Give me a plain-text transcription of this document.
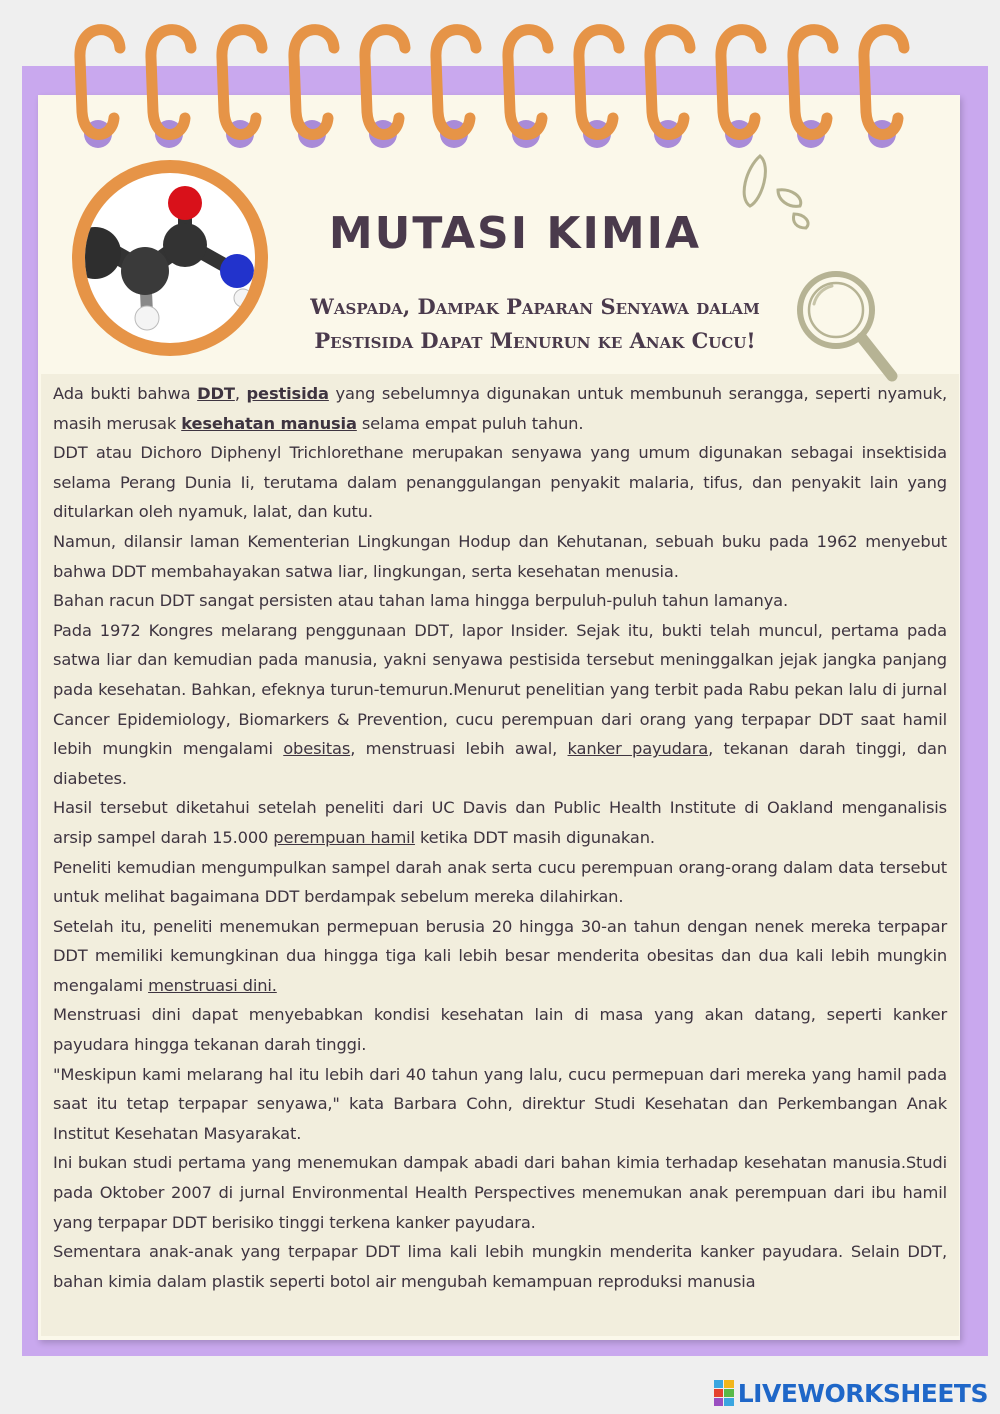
MUTASI KIMIA
Waspada, Dampak Paparan Senyawa dalam
Pestisida Dapat Menurun ke Anak Cucu!

Ada bukti bahwa DDT, pestisida yang sebelumnya digunakan untuk membunuh serangga, seperti nyamuk, masih merusak kesehatan manusia selama empat puluh tahun.

DDT atau Dichoro Diphenyl Trichlorethane merupakan senyawa yang umum digunakan sebagai insektisida selama Perang Dunia Ii, terutama dalam penanggulangan penyakit malaria, tifus, dan penyakit lain yang ditularkan oleh nyamuk, lalat, dan kutu.

Namun, dilansir laman Kementerian Lingkungan Hodup dan Kehutanan, sebuah buku pada 1962 menyebut bahwa DDT membahayakan satwa liar, lingkungan, serta kesehatan menusia.

Bahan racun DDT sangat persisten atau tahan lama hingga berpuluh-puluh tahun lamanya.

Pada 1972 Kongres melarang penggunaan DDT, lapor Insider. Sejak itu, bukti telah muncul, pertama pada satwa liar dan kemudian pada manusia, yakni senyawa pestisida tersebut meninggalkan jejak jangka panjang pada kesehatan. Bahkan, efeknya turun-temurun.Menurut penelitian yang terbit pada Rabu pekan lalu di jurnal Cancer Epidemiology, Biomarkers & Prevention, cucu perempuan dari orang yang terpapar DDT saat hamil lebih mungkin mengalami obesitas, menstruasi lebih awal, kanker payudara, tekanan darah tinggi, dan diabetes.

Hasil tersebut diketahui setelah peneliti dari UC Davis dan Public Health Institute di Oakland menganalisis arsip sampel darah 15.000 perempuan hamil ketika DDT masih digunakan.

Peneliti kemudian mengumpulkan sampel darah anak serta cucu perempuan orang-orang dalam data tersebut untuk melihat bagaimana DDT berdampak sebelum mereka dilahirkan.

Setelah itu, peneliti menemukan permepuan berusia 20 hingga 30-an tahun dengan nenek mereka terpapar DDT memiliki kemungkinan dua hingga tiga kali lebih besar menderita obesitas dan dua kali lebih mungkin mengalami menstruasi dini.

Menstruasi dini dapat menyebabkan kondisi kesehatan lain di masa yang akan datang, seperti kanker payudara hingga tekanan darah tinggi.

"Meskipun kami melarang hal itu lebih dari 40 tahun yang lalu, cucu permepuan dari mereka yang hamil pada saat itu tetap terpapar senyawa," kata Barbara Cohn, direktur Studi Kesehatan dan Perkembangan Anak Institut Kesehatan Masyarakat.

Ini bukan studi pertama yang menemukan dampak abadi dari bahan kimia terhadap kesehatan manusia.Studi pada Oktober 2007 di jurnal Environmental Health Perspectives menemukan anak perempuan dari ibu hamil yang terpapar DDT berisiko tinggi terkena kanker payudara.

Sementara anak-anak yang terpapar DDT lima kali lebih mungkin menderita kanker payudara. Selain DDT, bahan kimia dalam plastik seperti botol air mengubah kemampuan reproduksi manusia

LIVEWORKSHEETS
